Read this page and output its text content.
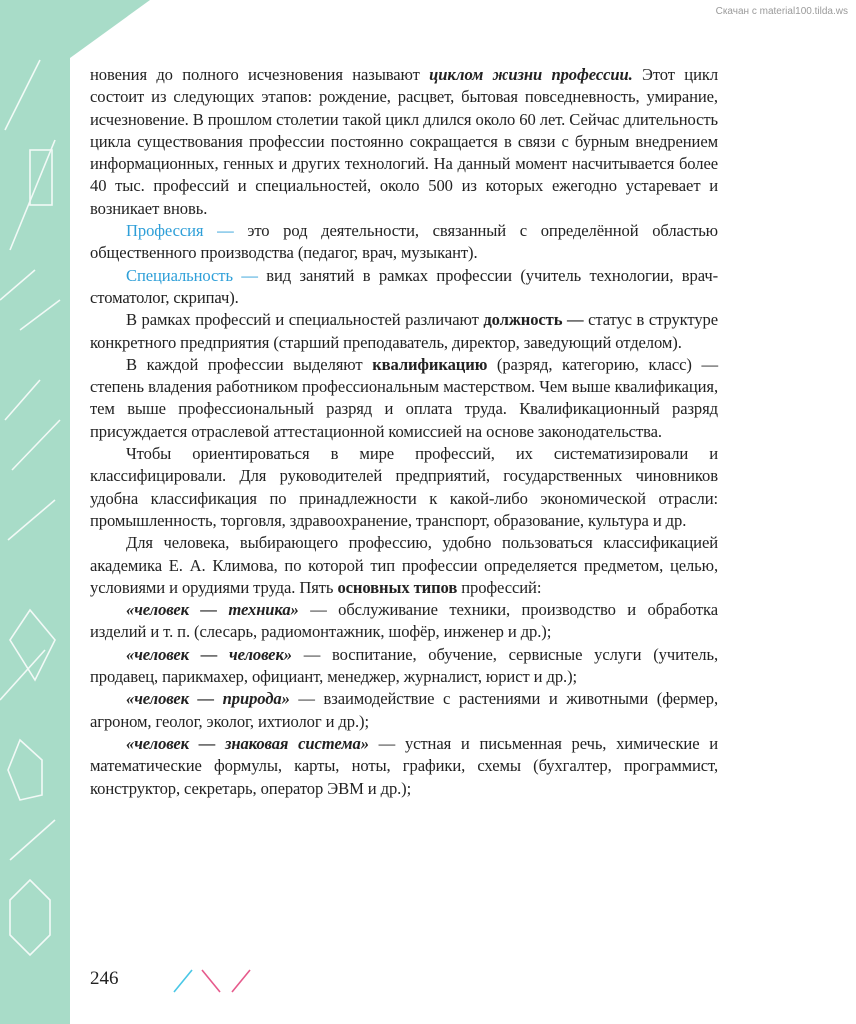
Скачан с material100.tilda.ws

новения до полного исчезновения называют циклом жизни профессии. Этот цикл состоит из следующих этапов: рождение, расцвет, бытовая повседневность, умирание, исчезновение. В прошлом столетии такой цикл длился около 60 лет. Сейчас длительность цикла существования профессии постоянно сокращается в связи с бурным внедрением информационных, генных и других технологий. На данный момент насчитывается более 40 тыс. профессий и специальностей, около 500 из которых ежегодно устаревает и возникает вновь.

Профессия — это род деятельности, связанный с определённой областью общественного производства (педагог, врач, музыкант).

Специальность — вид занятий в рамках профессии (учитель технологии, врач-стоматолог, скрипач).

В рамках профессий и специальностей различают должность — статус в структуре конкретного предприятия (старший преподаватель, директор, заведующий отделом).

В каждой профессии выделяют квалификацию (разряд, категорию, класс) — степень владения работником профессиональным мастерством. Чем выше квалификация, тем выше профессиональный разряд и оплата труда. Квалификационный разряд присуждается отраслевой аттестационной комиссией на основе законодательства.

Чтобы ориентироваться в мире профессий, их систематизировали и классифицировали. Для руководителей предприятий, государственных чиновников удобна классификация по принадлежности к какой-либо экономической отрасли: промышленность, торговля, здравоохранение, транспорт, образование, культура и др.

Для человека, выбирающего профессию, удобно пользоваться классификацией академика Е. А. Климова, по которой тип профессии определяется предметом, целью, условиями и орудиями труда. Пять основных типов профессий:

«человек — техника» — обслуживание техники, производство и обработка изделий и т. п. (слесарь, радиомонтажник, шофёр, инженер и др.);

«человек — человек» — воспитание, обучение, сервисные услуги (учитель, продавец, парикмахер, официант, менеджер, журналист, юрист и др.);

«человек — природа» — взаимодействие с растениями и животными (фермер, агроном, геолог, эколог, ихтиолог и др.);

«человек — знаковая система» — устная и письменная речь, химические и математические формулы, карты, ноты, графики, схемы (бухгалтер, программист, конструктор, секретарь, оператор ЭВМ и др.);

246
